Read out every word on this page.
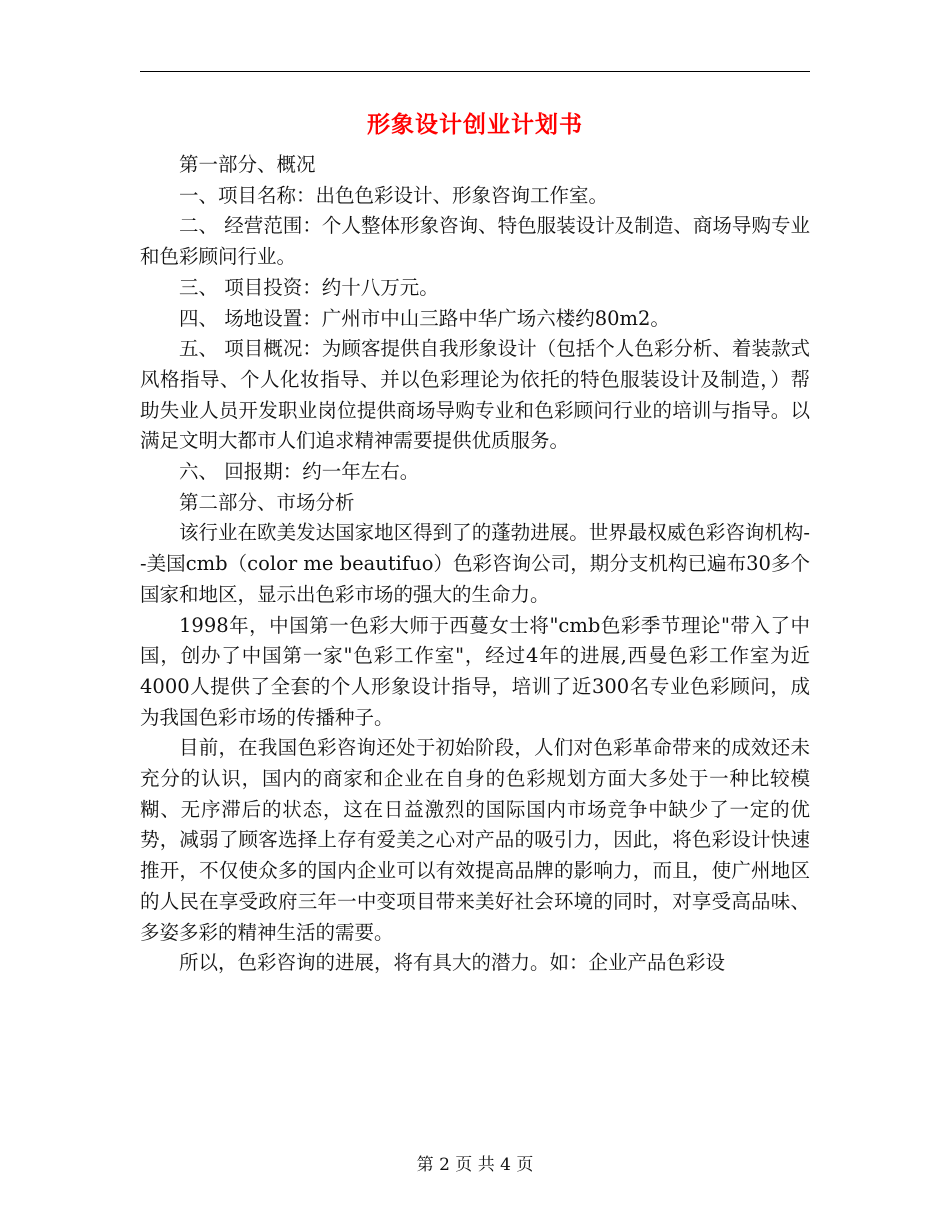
形象设计创业计划书

第一部分、概况

一、项目名称：出色色彩设计、形象咨询工作室。

二、 经营范围：个人整体形象咨询、特色服装设计及制造、商场导购专业和色彩顾问行业。

三、 项目投资：约十八万元。

四、 场地设置：广州市中山三路中华广场六楼约80m2。

五、 项目概况：为顾客提供自我形象设计（包括个人色彩分析、着装款式风格指导、个人化妆指导、并以色彩理论为依托的特色服装设计及制造，）帮助失业人员开发职业岗位提供商场导购专业和色彩顾问行业的培训与指导。以满足文明大都市人们追求精神需要提供优质服务。

六、 回报期：约一年左右。

第二部分、市场分析

该行业在欧美发达国家地区得到了的蓬勃进展。世界最权威色彩咨询机构--美国cmb（color me beautifuo）色彩咨询公司，期分支机构已遍布30多个国家和地区，显示出色彩市场的强大的生命力。

1998年，中国第一色彩大师于西蔓女士将"cmb色彩季节理论"带入了中国，创办了中国第一家"色彩工作室"，经过4年的进展,西曼色彩工作室为近4000人提供了全套的个人形象设计指导，培训了近300名专业色彩顾问，成为我国色彩市场的传播种子。

目前，在我国色彩咨询还处于初始阶段，人们对色彩革命带来的成效还未充分的认识，国内的商家和企业在自身的色彩规划方面大多处于一种比较模糊、无序滞后的状态，这在日益激烈的国际国内市场竞争中缺少了一定的优势，减弱了顾客选择上存有爱美之心对产品的吸引力，因此，将色彩设计快速推开，不仅使众多的国内企业可以有效提高品牌的影响力，而且，使广州地区的人民在享受政府三年一中变项目带来美好社会环境的同时，对享受高品味、多姿多彩的精神生活的需要。

所以，色彩咨询的进展，将有具大的潜力。如：企业产品色彩设

第 2 页 共 4 页
